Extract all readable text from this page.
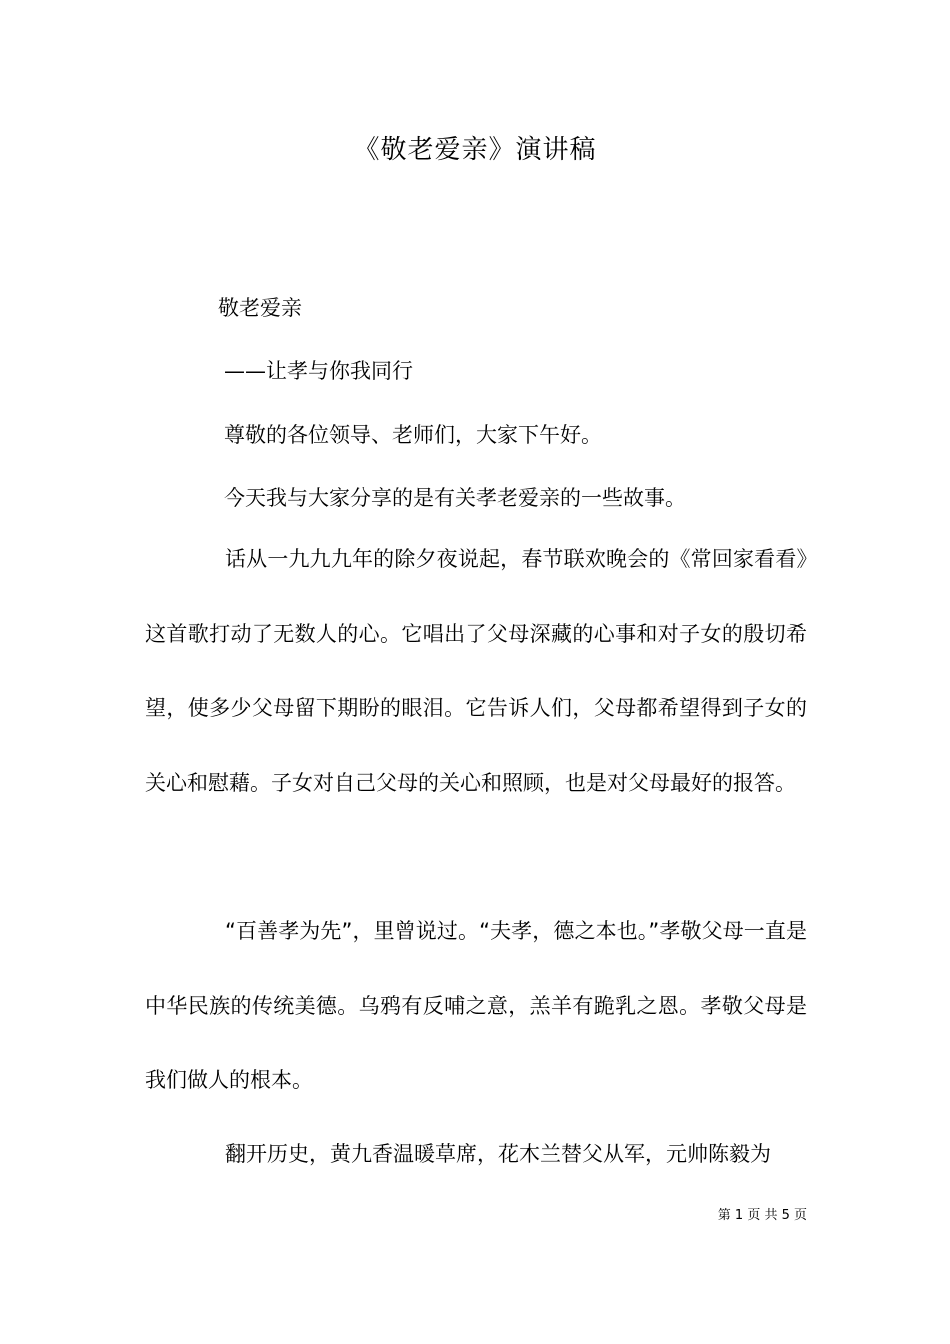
《敬老爱亲》演讲稿
敬老爱亲
——让孝与你我同行
尊敬的各位领导、老师们，大家下午好。
今天我与大家分享的是有关孝老爱亲的一些故事。

话从一九九九年的除夕夜说起，春节联欢晚会的《常回家看看》这首歌打动了无数人的心。它唱出了父母深藏的心事和对子女的殷切希望，使多少父母留下期盼的眼泪。它告诉人们，父母都希望得到子女的关心和慰藉。子女对自己父母的关心和照顾，也是对父母最好的报答。

“百善孝为先”，里曾说过。“夫孝，德之本也。”孝敬父母一直是中华民族的传统美德。乌鸦有反哺之意，羔羊有跪乳之恩。孝敬父母是我们做人的根本。

翻开历史，黄九香温暖草席，花木兰替父从军，元帅陈毅为

第 1 页 共 5 页
